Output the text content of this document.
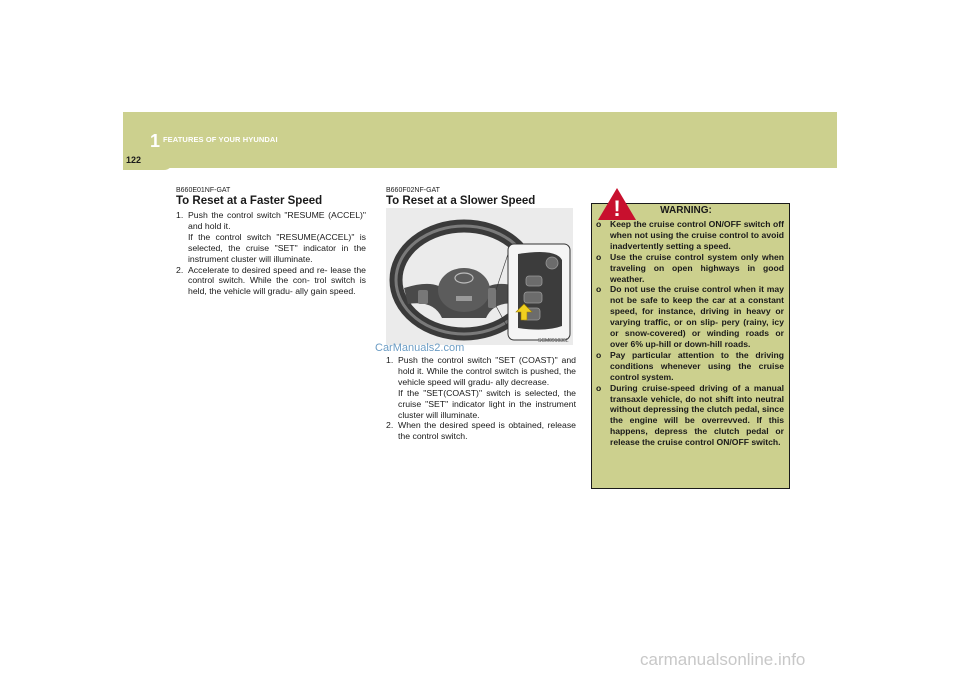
1 FEATURES OF YOUR HYUNDAI
122
B660E01NF-GAT
To Reset at a Faster Speed
1. Push the control switch "RESUME (ACCEL)" and hold it.
If the control switch "RESUME(ACCEL)" is selected, the cruise "SET" indicator in the instrument cluster will illuminate.
2. Accelerate to desired speed and re- lease the control switch. While the con- trol switch is held, the vehicle will gradu- ally gain speed.
B660F02NF-GAT
To Reset at a Slower Speed
SCM091036L
CarManuals2.com
1. Push the control switch "SET (COAST)" and hold it. While the control switch is pushed, the vehicle speed will gradu- ally decrease.
If the "SET(COAST)" switch is selected, the cruise "SET" indicator light in the instrument cluster will illuminate.
2. When the desired speed is obtained, release the control switch.
!	WARNING:
o Keep the cruise control ON/OFF switch off when not using the cruise control to avoid inadvertently setting a speed.
o Use the cruise control system only when traveling on open highways in good weather.
o Do not use the cruise control when it may not be safe to keep the car at a constant speed, for instance, driving in heavy or varying traffic, or on slip- pery (rainy, icy or snow-covered) or winding roads or over 6% up-hill or down-hill roads.
o Pay particular attention to the driving conditions whenever using the cruise control system.
o During cruise-speed driving of a manual transaxle vehicle, do not shift into neutral without depressing the clutch pedal, since the engine will be overrevved. If this happens, depress the clutch pedal or release the cruise control ON/OFF switch.
carmanualsonline.info
